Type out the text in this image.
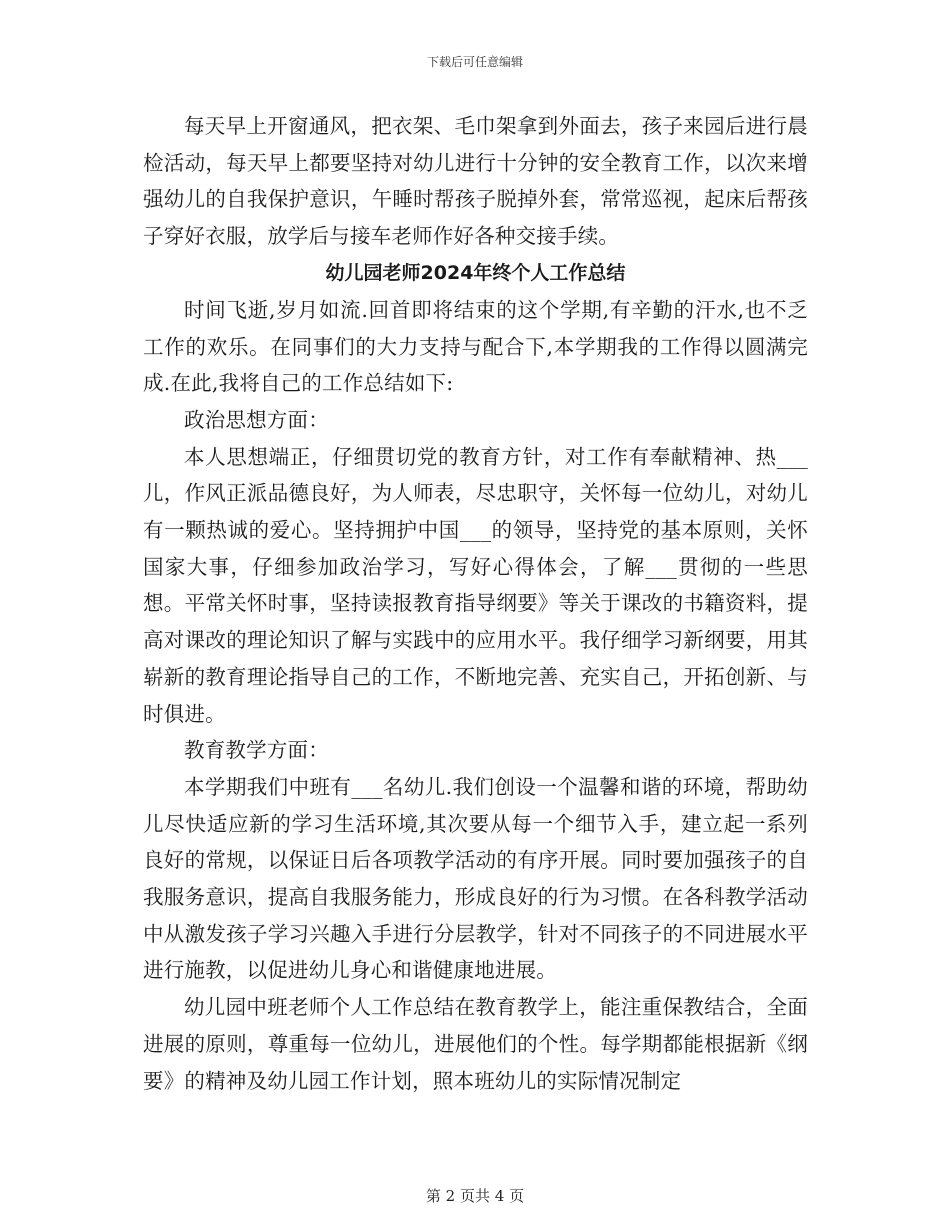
下载后可任意编辑

每天早上开窗通风，把衣架、毛巾架拿到外面去，孩子来园后进行晨检活动，每天早上都要坚持对幼儿进行十分钟的安全教育工作，以次来增强幼儿的自我保护意识，午睡时帮孩子脱掉外套，常常巡视，起床后帮孩子穿好衣服，放学后与接车老师作好各种交接手续。

幼儿园老师2024年终个人工作总结

时间飞逝,岁月如流.回首即将结束的这个学期,有辛勤的汗水,也不乏工作的欢乐。在同事们的大力支持与配合下,本学期我的工作得以圆满完成.在此,我将自己的工作总结如下:

政治思想方面：

本人思想端正，仔细贯切党的教育方针，对工作有奉献精神、热___儿，作风正派品德良好，为人师表，尽忠职守，关怀每一位幼儿，对幼儿有一颗热诚的爱心。坚持拥护中国___的领导，坚持党的基本原则，关怀国家大事，仔细参加政治学习，写好心得体会，了解___贯彻的一些思想。平常关怀时事，坚持读报教育指导纲要》等关于课改的书籍资料，提高对课改的理论知识了解与实践中的应用水平。我仔细学习新纲要，用其崭新的教育理论指导自己的工作，不断地完善、充实自己，开拓创新、与时俱进。

教育教学方面：

本学期我们中班有___名幼儿.我们创设一个温馨和谐的环境，帮助幼儿尽快适应新的学习生活环境,其次要从每一个细节入手，建立起一系列良好的常规，以保证日后各项教学活动的有序开展。同时要加强孩子的自我服务意识，提高自我服务能力，形成良好的行为习惯。在各科教学活动中从激发孩子学习兴趣入手进行分层教学，针对不同孩子的不同进展水平进行施教，以促进幼儿身心和谐健康地进展。

幼儿园中班老师个人工作总结在教育教学上，能注重保教结合，全面进展的原则，尊重每一位幼儿，进展他们的个性。每学期都能根据新《纲要》的精神及幼儿园工作计划，照本班幼儿的实际情况制定

第 2 页共 4 页
